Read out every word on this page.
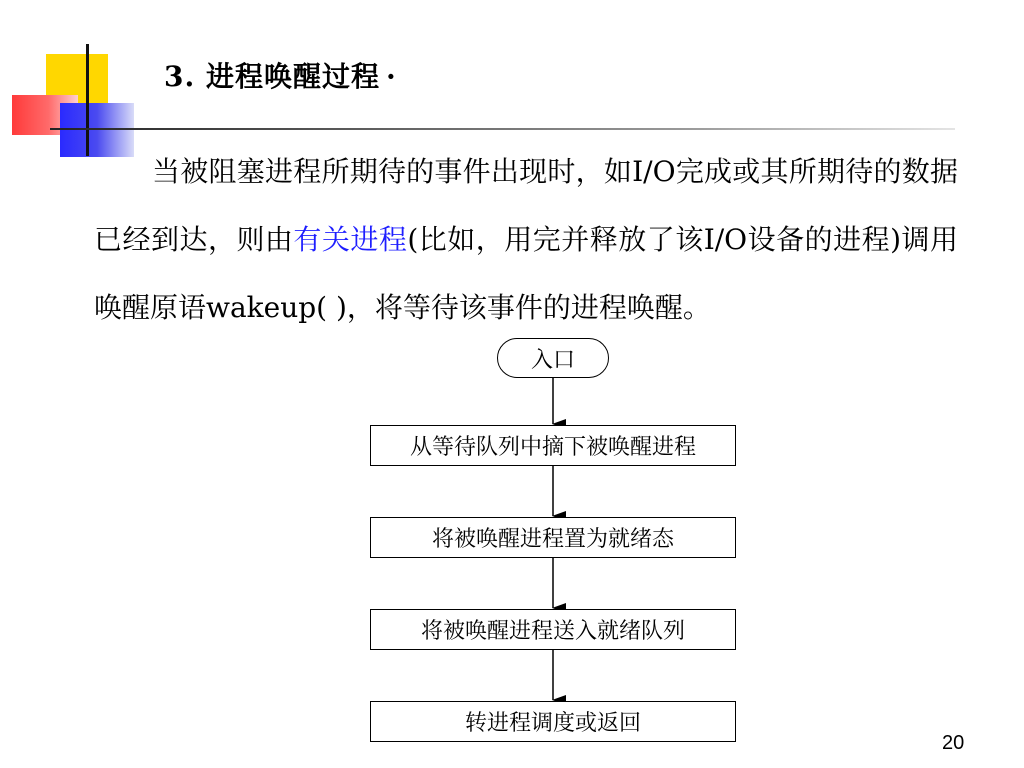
3. 进程唤醒过程 ·
当被阻塞进程所期待的事件出现时，如I/O完成或其所期待的数据已经到达，则由有关进程(比如，用完并释放了该I/O设备的进程)调用唤醒原语wakeup( )，将等待该事件的进程唤醒。
入口
从等待队列中摘下被唤醒进程
将被唤醒进程置为就绪态
将被唤醒进程送入就绪队列
转进程调度或返回
20
